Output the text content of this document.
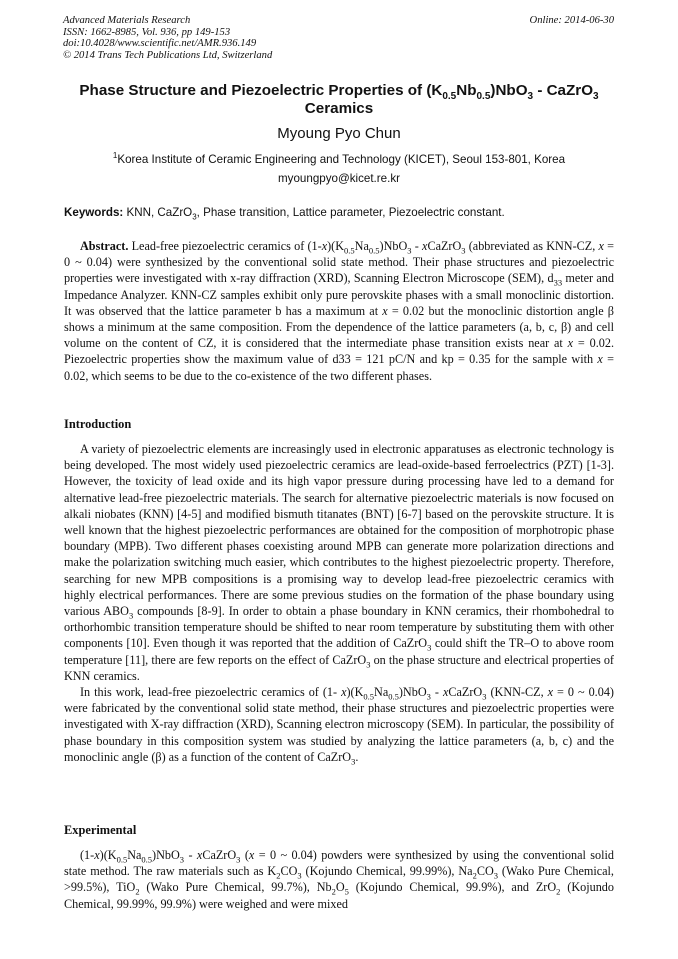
Advanced Materials Research
ISSN: 1662-8985, Vol. 936, pp 149-153
doi:10.4028/www.scientific.net/AMR.936.149
© 2014 Trans Tech Publications Ltd, Switzerland
Online: 2014-06-30
Phase Structure and Piezoelectric Properties of $(K_{0.5}Nb_{0.5})NbO_3$ - CaZrO$_3$
Ceramics
Myoung Pyo Chun
$^1$Korea Institute of Ceramic Engineering and Technology (KICET), Seoul 153-801, Korea
myoungpyo@kicet.re.kr
Keywords: KNN, CaZrO$_3$, Phase transition, Lattice parameter, Piezoelectric constant.

Abstract. Lead-free piezoelectric ceramics of $(1-x)(K_{0.5}Na_{0.5})NbO_3$ - xCaZrO$_3$ (abbreviated as KNN-CZ, x = 0 ~ 0.04) were synthesized by the conventional solid state method. Their phase structures and piezoelectric properties were investigated with x-ray diffraction (XRD), Scanning Electron Microscope (SEM), $d_{33}$ meter and Impedance Analyzer. KNN-CZ samples exhibit only pure perovskite phases with a small monoclinic distortion. It was observed that the lattice parameter b has a maximum at x = 0.02 but the monoclinic distortion angle β shows a minimum at the same composition. From the dependence of the lattice parameters (a, b, c, β) and cell volume on the content of CZ, it is considered that the intermediate phase transition exists near at x = 0.02. Piezoelectric properties show the maximum value of d33 = 121 pC/N and kp = 0.35 for the sample with x = 0.02, which seems to be due to the co-existence of the two different phases.

Introduction

A variety of piezoelectric elements are increasingly used in electronic apparatuses as electronic technology is being developed. The most widely used piezoelectric ceramics are lead-oxide-based ferroelectrics (PZT) [1-3]. However, the toxicity of lead oxide and its high vapor pressure during processing have led to a demand for alternative lead-free piezoelectric materials. The search for alternative piezoelectric materials is now focused on alkali niobates (KNN) [4-5] and modified bismuth titanates (BNT) [6-7] based on the perovskite structure. It is well known that the highest piezoelectric performances are obtained for the composition of morphotropic phase boundary (MPB). Two different phases coexisting around MPB can generate more polarization directions and make the polarization switching much easier, which contributes to the highest piezoelectric property. Therefore, searching for new MPB compositions is a promising way to develop lead-free piezoelectric ceramics with highly electrical performances. There are some previous studies on the formation of the phase boundary using various $ABO_3$ compounds [8-9]. In order to obtain a phase boundary in KNN ceramics, their rhombohedral to orthorhombic transition temperature should be shifted to near room temperature by substituting them with other components [10]. Even though it was reported that the addition of CaZrO$_3$ could shift the TR–O to above room temperature [11], there are few reports on the effect of CaZrO$_3$ on the phase structure and electrical properties of KNN ceramics.

In this work, lead-free piezoelectric ceramics of (1- $x)(K_{0.5}Na_{0.5})NbO_3$ - xCaZrO$_3$ (KNN-CZ, x = 0 ~ 0.04) were fabricated by the conventional solid state method, their phase structures and piezoelectric properties were investigated with X-ray diffraction (XRD), Scanning electron microscopy (SEM). In particular, the possibility of phase boundary in this composition system was studied by analyzing the lattice parameters (a, b, c) and the monoclinic angle (β) as a function of the content of CaZrO$_3$.

Experimental

$(1-x)(K_{0.5}Na_{0.5})NbO_3$ - xCaZrO$_3$ (x = 0 ~ 0.04) powders were synthesized by using the conventional solid state method. The raw materials such as $K_2CO_3$ (Kojundo Chemical, 99.99%), $Na_2CO_3$ (Wako Pure Chemical, >99.5%), TiO$_2$ (Wako Pure Chemical, 99.7%), $Nb_2O_5$ (Kojundo Chemical, 99.9%), and ZrO$_2$ (Kojundo Chemical, 99.99%, 99.9%) were weighed and were mixed
